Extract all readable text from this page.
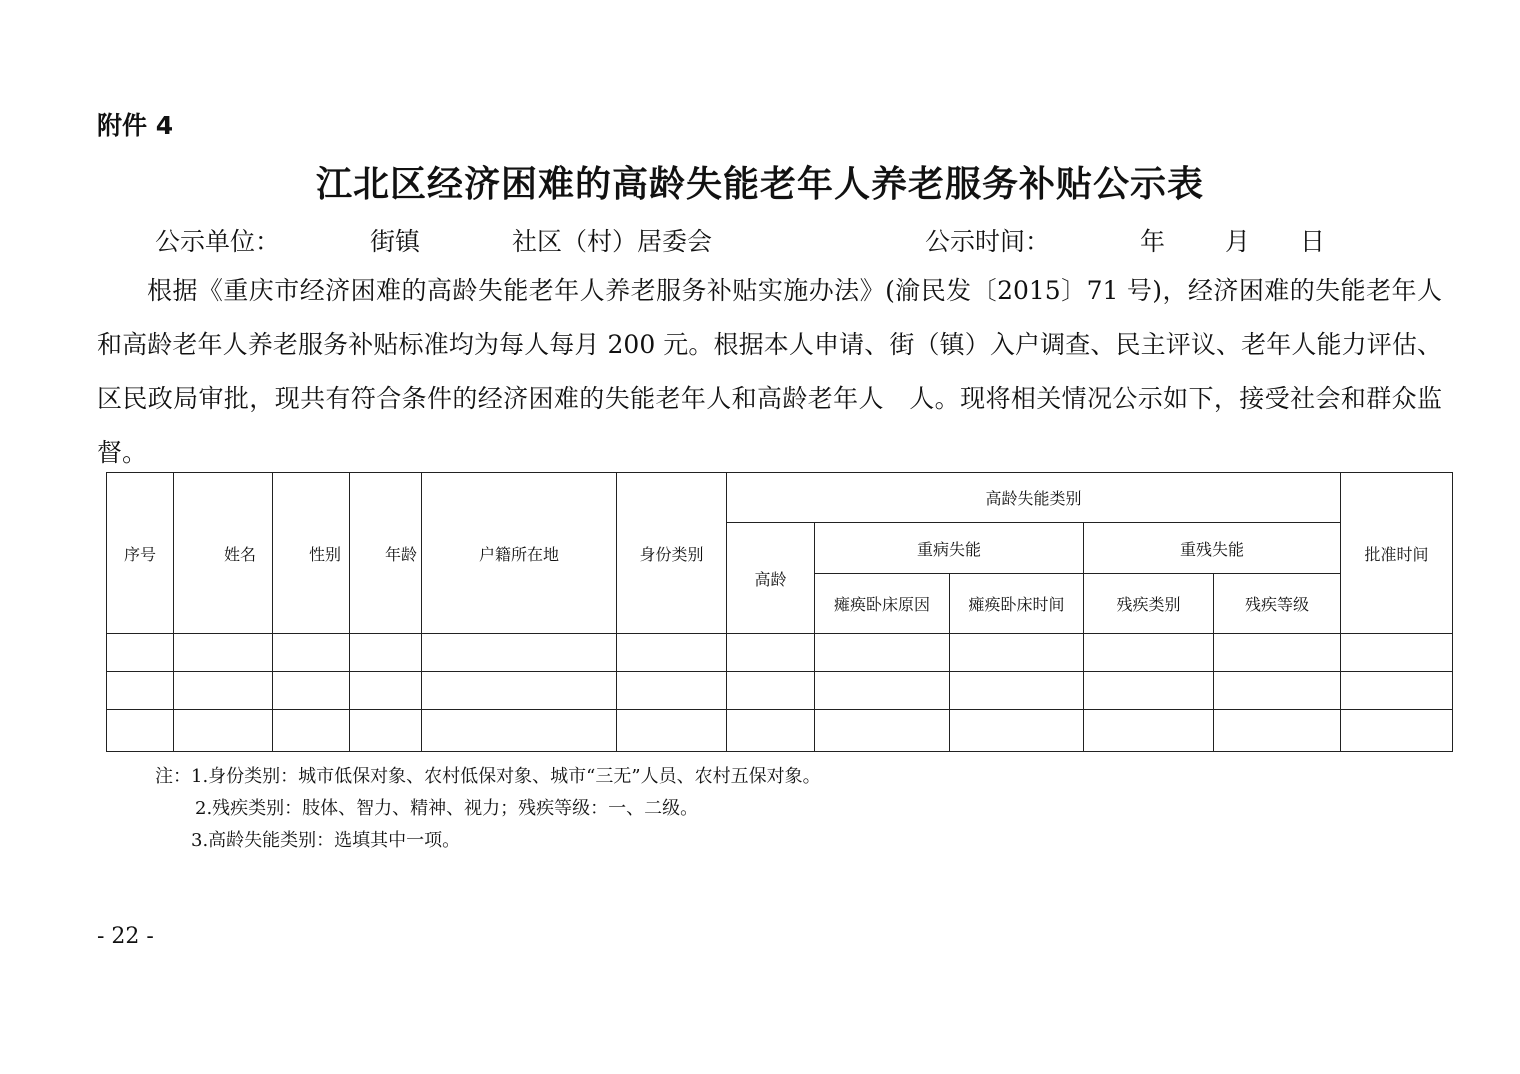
附件 4
江北区经济困难的高龄失能老年人养老服务补贴公示表
公示单位：	街镇	社区（村）居委会	公示时间：	年 月 日
根据《重庆市经济困难的高龄失能老年人养老服务补贴实施办法》(渝民发〔2015〕71 号)，经济困难的失能老年人和高龄老年人养老服务补贴标准均为每人每月 200 元。根据本人申请、街（镇）入户调查、民主评议、老年人能力评估、区民政局审批，现共有符合条件的经济困难的失能老年人和高龄老年人　人。现将相关情况公示如下，接受社会和群众监督。
序号	姓名	性别	年龄	户籍所在地	身份类别	高龄失能类别					批准时间
						高龄	重病失能		重残失能		
							瘫痪卧床原因	瘫痪卧床时间	残疾类别	残疾等级	

注：1.身份类别：城市低保对象、农村低保对象、城市“三无”人员、农村五保对象。
2.残疾类别：肢体、智力、精神、视力；残疾等级：一、二级。
3.高龄失能类别：选填其中一项。
- 22 -
